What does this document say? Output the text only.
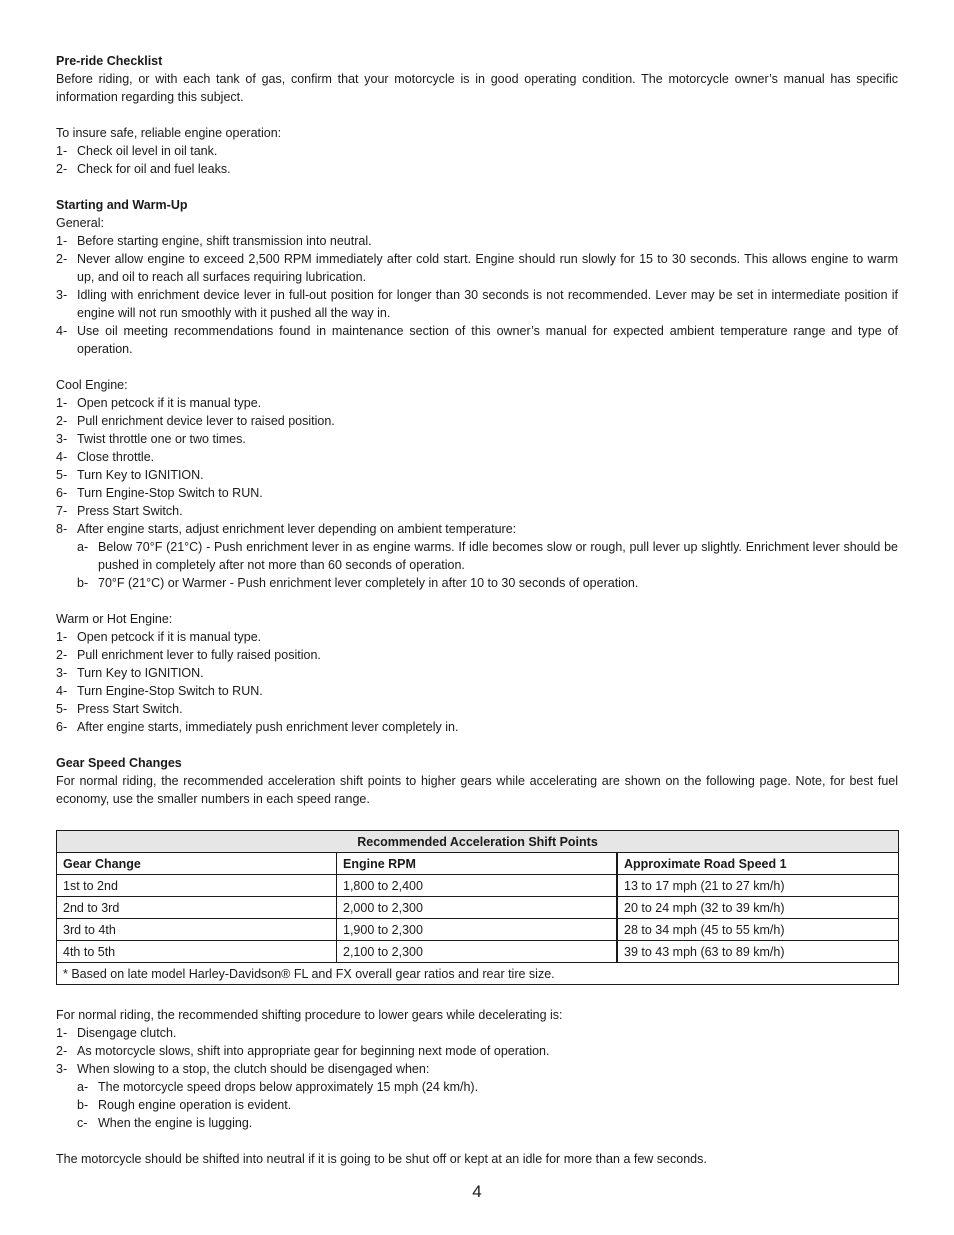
Pre-ride Checklist

Before riding, or with each tank of gas, confirm that your motorcycle is in good operating condition. The motorcycle owner’s manual has specific information regarding this subject.

To insure safe, reliable engine operation:

1- Check oil level in oil tank.
2- Check for oil and fuel leaks.

Starting and Warm-Up

General:

1- Before starting engine, shift transmission into neutral.
2- Never allow engine to exceed 2,500 RPM immediately after cold start. Engine should run slowly for 15 to 30 seconds. This allows engine to warm up, and oil to reach all surfaces requiring lubrication.
3- Idling with enrichment device lever in full-out position for longer than 30 seconds is not recommended. Lever may be set in intermediate position if engine will not run smoothly with it pushed all the way in.
4- Use oil meeting recommendations found in maintenance section of this owner’s manual for expected ambient temperature range and type of operation.

Cool Engine:

1- Open petcock if it is manual type.
2- Pull enrichment device lever to raised position.
3- Twist throttle one or two times.
4- Close throttle.
5- Turn Key to IGNITION.
6- Turn Engine-Stop Switch to RUN.
7- Press Start Switch.
8- After engine starts, adjust enrichment lever depending on ambient temperature:
a- Below 70°F (21°C) - Push enrichment lever in as engine warms. If idle becomes slow or rough, pull lever up slightly. Enrichment lever should be pushed in completely after not more than 60 seconds of operation.
b- 70°F (21°C) or Warmer - Push enrichment lever completely in after 10 to 30 seconds of operation.

Warm or Hot Engine:

1- Open petcock if it is manual type.
2- Pull enrichment lever to fully raised position.
3- Turn Key to IGNITION.
4- Turn Engine-Stop Switch to RUN.
5- Press Start Switch.
6- After engine starts, immediately push enrichment lever completely in.

Gear Speed Changes

For normal riding, the recommended acceleration shift points to higher gears while accelerating are shown on the following page. Note, for best fuel economy, use the smaller numbers in each speed range.

Recommended Acceleration Shift Points		
Gear Change	Engine RPM	Approximate Road Speed 1
1st to 2nd	1,800 to 2,400	13 to 17 mph (21 to 27 km/h)
2nd to 3rd	2,000 to 2,300	20 to 24 mph (32 to 39 km/h)
3rd to 4th	1,900 to 2,300	28 to 34 mph (45 to 55 km/h)
4th to 5th	2,100 to 2,300	39 to 43 mph (63 to 89 km/h)
* Based on late model Harley-Davidson® FL and FX overall gear ratios and rear tire size.		

For normal riding, the recommended shifting procedure to lower gears while decelerating is:

1- Disengage clutch.
2- As motorcycle slows, shift into appropriate gear for beginning next mode of operation.
3- When slowing to a stop, the clutch should be disengaged when:
a- The motorcycle speed drops below approximately 15 mph (24 km/h).
b- Rough engine operation is evident.
c- When the engine is lugging.

The motorcycle should be shifted into neutral if it is going to be shut off or kept at an idle for more than a few seconds.

4
